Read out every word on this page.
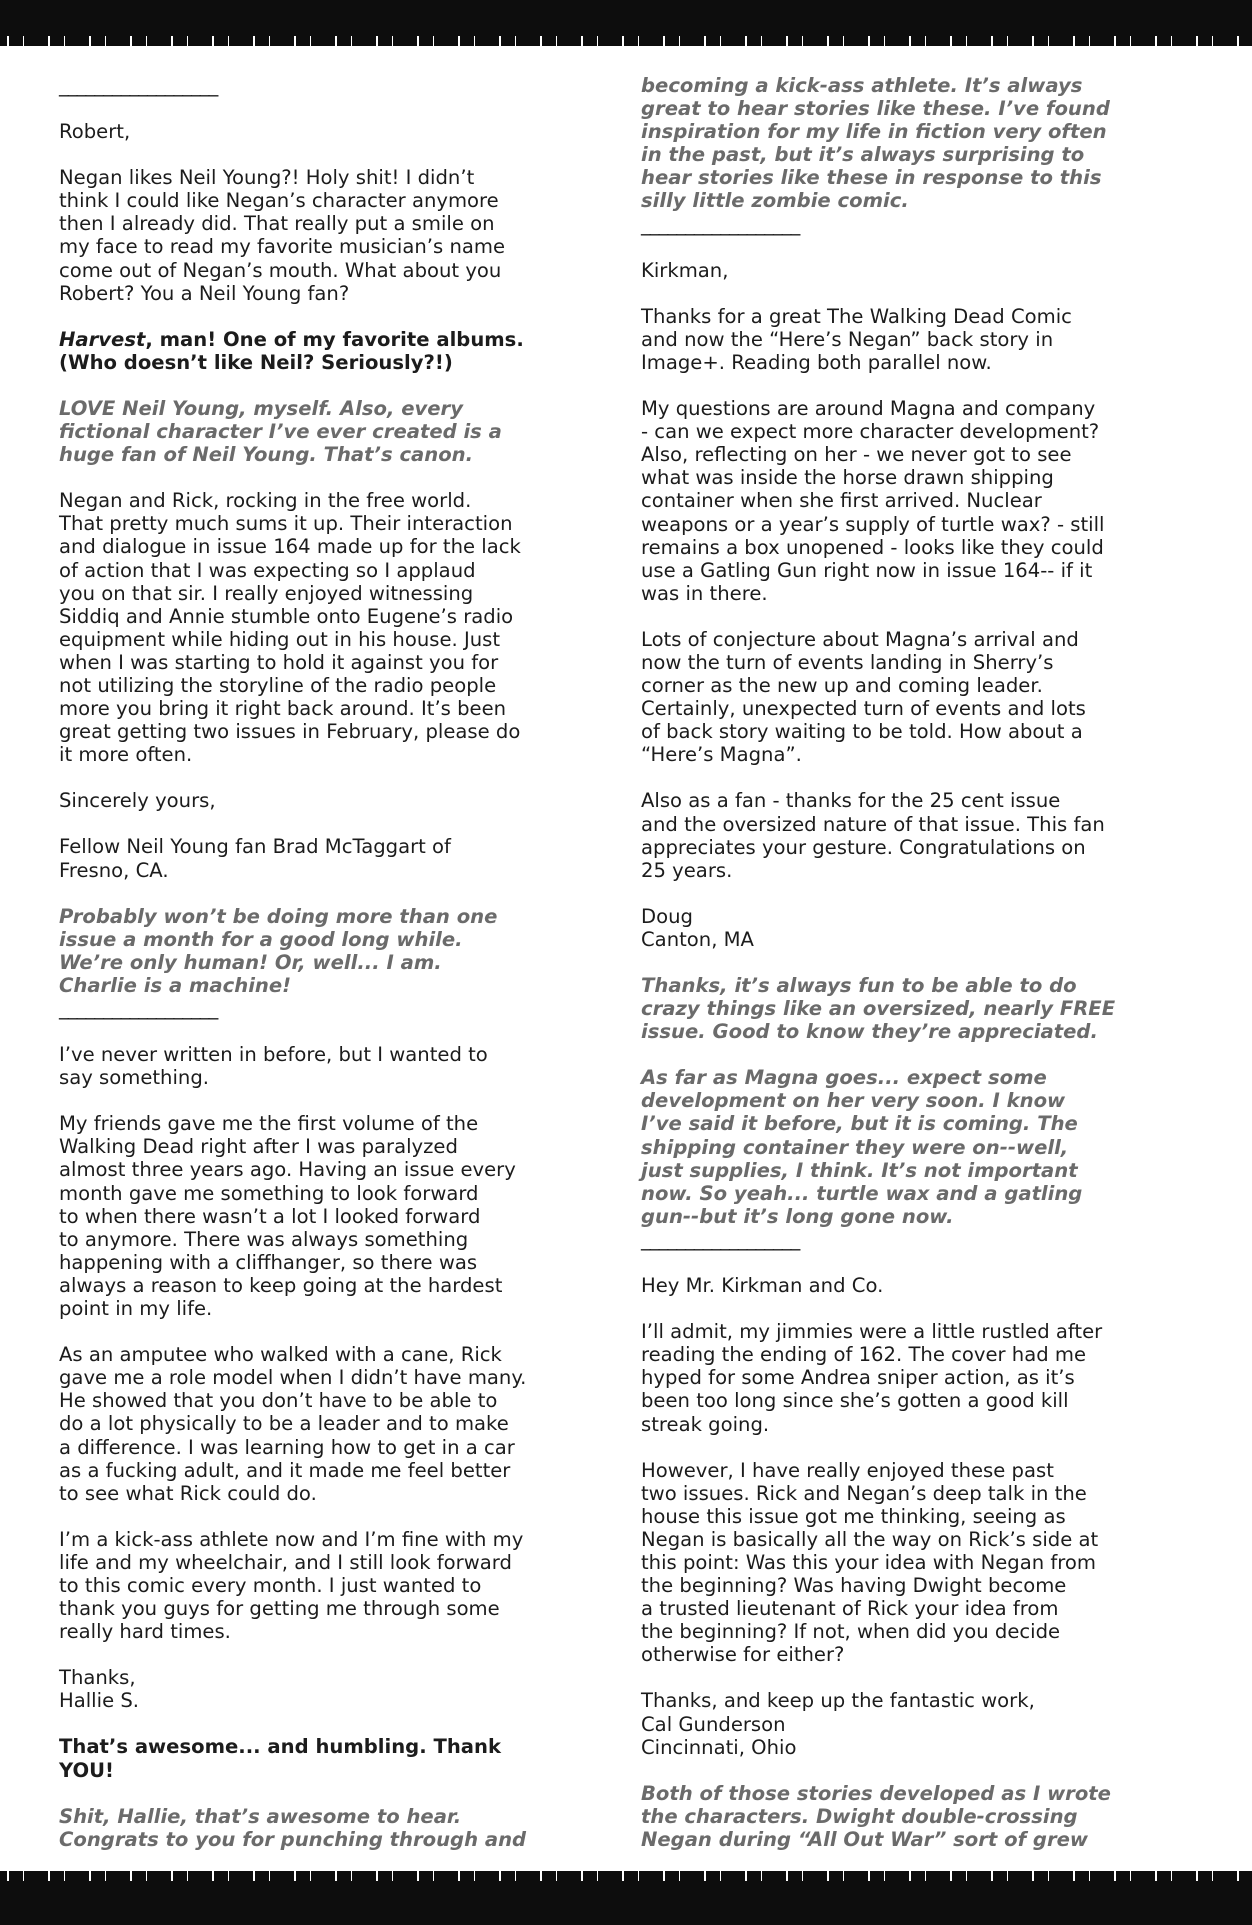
__________________

Robert,

Negan likes Neil Young?! Holy shit! I didn’t
think I could like Negan’s character anymore
then I already did. That really put a smile on
my face to read my favorite musician’s name
come out of Negan’s mouth. What about you
Robert? You a Neil Young fan?

Harvest, man! One of my favorite albums.
(Who doesn’t like Neil? Seriously?!)

LOVE Neil Young, myself. Also, every
fictional character I’ve ever created is a
huge fan of Neil Young. That’s canon.

Negan and Rick, rocking in the free world.
That pretty much sums it up. Their interaction
and dialogue in issue 164 made up for the lack
of action that I was expecting so I applaud
you on that sir. I really enjoyed witnessing
Siddiq and Annie stumble onto Eugene’s radio
equipment while hiding out in his house. Just
when I was starting to hold it against you for
not utilizing the storyline of the radio people
more you bring it right back around. It’s been
great getting two issues in February, please do
it more often.

Sincerely yours,

Fellow Neil Young fan Brad McTaggart of
Fresno, CA.

Probably won’t be doing more than one
issue a month for a good long while.
We’re only human! Or, well... I am.
Charlie is a machine!

__________________

I’ve never written in before, but I wanted to
say something.

My friends gave me the first volume of the
Walking Dead right after I was paralyzed
almost three years ago. Having an issue every
month gave me something to look forward
to when there wasn’t a lot I looked forward
to anymore. There was always something
happening with a cliffhanger, so there was
always a reason to keep going at the hardest
point in my life.

As an amputee who walked with a cane, Rick
gave me a role model when I didn’t have many.
He showed that you don’t have to be able to
do a lot physically to be a leader and to make
a difference. I was learning how to get in a car
as a fucking adult, and it made me feel better
to see what Rick could do.

I’m a kick-ass athlete now and I’m fine with my
life and my wheelchair, and I still look forward
to this comic every month. I just wanted to
thank you guys for getting me through some
really hard times.

Thanks,
Hallie S.

That’s awesome... and humbling. Thank
YOU!

Shit, Hallie, that’s awesome to hear.
Congrats to you for punching through and

becoming a kick-ass athlete. It’s always
great to hear stories like these. I’ve found
inspiration for my life in fiction very often
in the past, but it’s always surprising to
hear stories like these in response to this
silly little zombie comic.

__________________

Kirkman,

Thanks for a great The Walking Dead Comic
and now the “Here’s Negan” back story in
Image+. Reading both parallel now.

My questions are around Magna and company
- can we expect more character development?
Also, reflecting on her - we never got to see
what was inside the horse drawn shipping
container when she first arrived. Nuclear
weapons or a year’s supply of turtle wax? - still
remains a box unopened - looks like they could
use a Gatling Gun right now in issue 164-- if it
was in there.

Lots of conjecture about Magna’s arrival and
now the turn of events landing in Sherry’s
corner as the new up and coming leader.
Certainly, unexpected turn of events and lots
of back story waiting to be told. How about a
“Here’s Magna”.

Also as a fan - thanks for the 25 cent issue
and the oversized nature of that issue. This fan
appreciates your gesture. Congratulations on
25 years.

Doug
Canton, MA

Thanks, it’s always fun to be able to do
crazy things like an oversized, nearly FREE
issue. Good to know they’re appreciated.

As far as Magna goes... expect some
development on her very soon. I know
I’ve said it before, but it is coming. The
shipping container they were on--well,
just supplies, I think. It’s not important
now. So yeah... turtle wax and a gatling
gun--but it’s long gone now.

__________________

Hey Mr. Kirkman and Co.

I’ll admit, my jimmies were a little rustled after
reading the ending of 162. The cover had me
hyped for some Andrea sniper action, as it’s
been too long since she’s gotten a good kill
streak going.

However, I have really enjoyed these past
two issues. Rick and Negan’s deep talk in the
house this issue got me thinking, seeing as
Negan is basically all the way on Rick’s side at
this point: Was this your idea with Negan from
the beginning? Was having Dwight become
a trusted lieutenant of Rick your idea from
the beginning? If not, when did you decide
otherwise for either?

Thanks, and keep up the fantastic work,
Cal Gunderson
Cincinnati, Ohio

Both of those stories developed as I wrote
the characters. Dwight double-crossing
Negan during “All Out War” sort of grew
